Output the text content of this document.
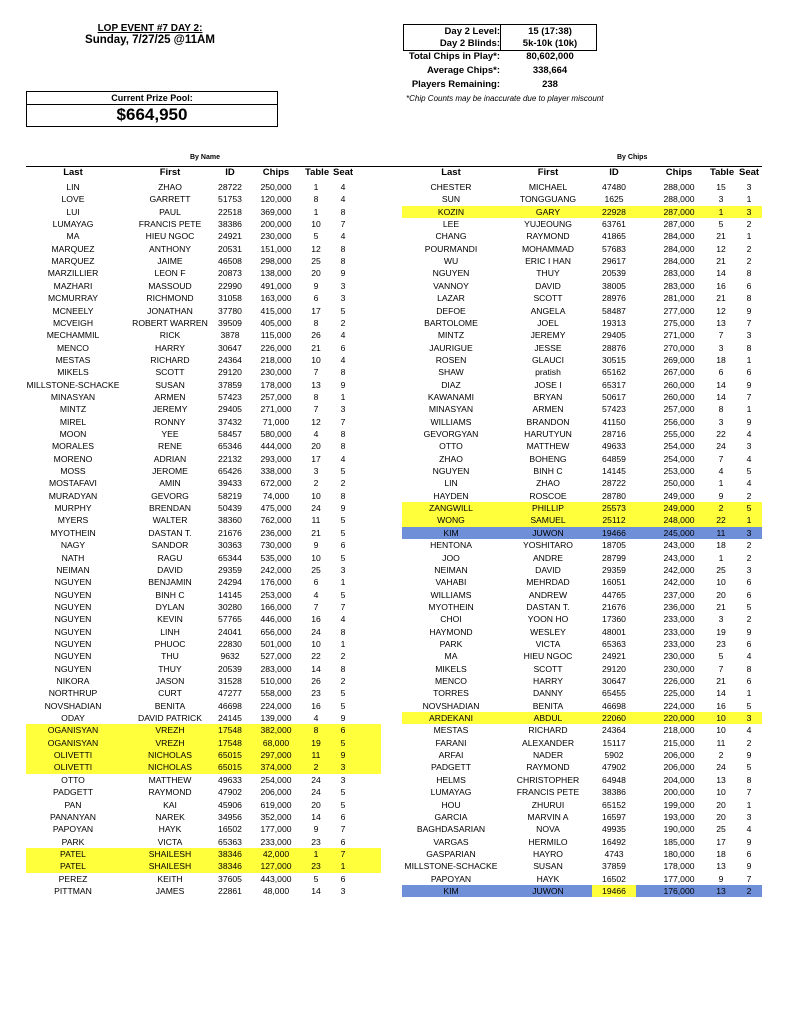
LOP EVENT #7 DAY 2:
Sunday, 7/27/25 @11AM
Current Prize Pool:
$664,950
Day 2 Level:	15 (17:38)
Day 2 Blinds:	5k-10k (10k)
Total Chips in Play*:	80,602,000
Average Chips*:	338,664
Players Remaining:	238
*Chip Counts may be inaccurate due to player miscount
By Name	By Chips
Last	First	ID	Chips	Table Seat	Last	First	ID	Chips	Table Seat
LIN	ZHAO	28722	250,000	1	4
LOVE	GARRETT	51753	120,000	8	4
LUI	PAUL	22518	369,000	1	8
LUMAYAG	FRANCIS PETE	38386	200,000	10	7
MA	HIEU NGOC	24921	230,000	5	4
MARQUEZ	ANTHONY	20531	151,000	12	8
MARQUEZ	JAIME	46508	298,000	25	8
MARZILLIER	LEON F	20873	138,000	20	9
MAZHARI	MASSOUD	22990	491,000	9	3
MCMURRAY	RICHMOND	31058	163,000	6	3
MCNEELY	JONATHAN	37780	415,000	17	5
MCVEIGH	ROBERT WARREN	39509	405,000	8	2
MECHAMMIL	RICK	3878	115,000	26	4
MENCO	HARRY	30647	226,000	21	6
MESTAS	RICHARD	24364	218,000	10	4
MIKELS	SCOTT	29120	230,000	7	8
MILLSTONE-SCHACKE	SUSAN	37859	178,000	13	9
MINASYAN	ARMEN	57423	257,000	8	1
MINTZ	JEREMY	29405	271,000	7	3
MIREL	RONNY	37432	71,000	12	7
MOON	YEE	58457	580,000	4	8
MORALES	RENE	65346	444,000	20	8
MORENO	ADRIAN	22132	293,000	17	4
MOSS	JEROME	65426	338,000	3	5
MOSTAFAVI	AMIN	39433	672,000	2	2
MURADYAN	GEVORG	58219	74,000	10	8
MURPHY	BRENDAN	50439	475,000	24	9
MYERS	WALTER	38360	762,000	11	5
MYOTHEIN	DASTAN T.	21676	236,000	21	5
NAGY	SANDOR	30363	730,000	9	6
NATH	RAGU	65344	535,000	10	5
NEIMAN	DAVID	29359	242,000	25	3
NGUYEN	BENJAMIN	24294	176,000	6	1
NGUYEN	BINH C	14145	253,000	4	5
NGUYEN	DYLAN	30280	166,000	7	7
NGUYEN	KEVIN	57765	446,000	16	4
NGUYEN	LINH	24041	656,000	24	8
NGUYEN	PHUOC	22830	501,000	10	1
NGUYEN	THU	9632	527,000	22	2
NGUYEN	THUY	20539	283,000	14	8
NIKORA	JASON	31528	510,000	26	2
NORTHRUP	CURT	47277	558,000	23	5
NOVSHADIAN	BENITA	46698	224,000	16	5
ODAY	DAVID PATRICK	24145	139,000	4	9
OGANISYAN	VREZH	17548	382,000	8	6
OGANISYAN	VREZH	17548	68,000	19	5
OLIVETTI	NICHOLAS	65015	297,000	11	9
OLIVETTI	NICHOLAS	65015	374,000	2	3
OTTO	MATTHEW	49633	254,000	24	3
PADGETT	RAYMOND	47902	206,000	24	5
PAN	KAI	45906	619,000	20	5
PANANYAN	NAREK	34956	352,000	14	6
PAPOYAN	HAYK	16502	177,000	9	7
PARK	VICTA	65363	233,000	23	6
PATEL	SHAILESH	38346	42,000	1	7
PATEL	SHAILESH	38346	127,000	23	1
PEREZ	KEITH	37605	443,000	5	6
PITTMAN	JAMES	22861	48,000	14	3
CHESTER	MICHAEL	47480	288,000	15	3
SUN	TONGGUANG	1625	288,000	3	1
KOZIN	GARY	22928	287,000	1	3
LEE	YUJEOUNG	63761	287,000	5	2
CHANG	RAYMOND	41865	284,000	21	1
POURMANDI	MOHAMMAD	57683	284,000	12	2
WU	ERIC I HAN	29617	284,000	21	2
NGUYEN	THUY	20539	283,000	14	8
VANNOY	DAVID	38005	283,000	16	6
LAZAR	SCOTT	28976	281,000	21	8
DEFOE	ANGELA	58487	277,000	12	9
BARTOLOME	JOEL	19313	275,000	13	7
MINTZ	JEREMY	29405	271,000	7	3
JAURIGUE	JESSE	28876	270,000	3	8
ROSEN	GLAUCI	30515	269,000	18	1
SHAW	pratish	65162	267,000	6	6
DIAZ	JOSE I	65317	260,000	14	9
KAWANAMI	BRYAN	50617	260,000	14	7
MINASYAN	ARMEN	57423	257,000	8	1
WILLIAMS	BRANDON	41150	256,000	3	9
GEVORGYAN	HARUTYUN	28716	255,000	22	4
OTTO	MATTHEW	49633	254,000	24	3
ZHAO	BOHENG	64859	254,000	7	4
NGUYEN	BINH C	14145	253,000	4	5
LIN	ZHAO	28722	250,000	1	4
HAYDEN	ROSCOE	28780	249,000	9	2
ZANGWILL	PHILLIP	25573	249,000	2	5
WONG	SAMUEL	25112	248,000	22	1
KIM	JUWON	19466	245,000	11	3
HENTONA	YOSHITARO	18705	243,000	18	2
JOO	ANDRE	28799	243,000	1	2
NEIMAN	DAVID	29359	242,000	25	3
VAHABI	MEHRDAD	16051	242,000	10	6
WILLIAMS	ANDREW	44765	237,000	20	6
MYOTHEIN	DASTAN T.	21676	236,000	21	5
CHOI	YOON HO	17360	233,000	3	2
HAYMOND	WESLEY	48001	233,000	19	9
PARK	VICTA	65363	233,000	23	6
MA	HIEU NGOC	24921	230,000	5	4
MIKELS	SCOTT	29120	230,000	7	8
MENCO	HARRY	30647	226,000	21	6
TORRES	DANNY	65455	225,000	14	1
NOVSHADIAN	BENITA	46698	224,000	16	5
ARDEKANI	ABDUL	22060	220,000	10	3
MESTAS	RICHARD	24364	218,000	10	4
FARANI	ALEXANDER	15117	215,000	11	2
ARFAI	NADER	5902	206,000	2	9
PADGETT	RAYMOND	47902	206,000	24	5
HELMS	CHRISTOPHER	64948	204,000	13	8
LUMAYAG	FRANCIS PETE	38386	200,000	10	7
HOU	ZHURUI	65152	199,000	20	1
GARCIA	MARVIN A	16597	193,000	20	3
BAGHDASARIAN	NOVA	49935	190,000	25	4
VARGAS	HERMILO	16492	185,000	17	9
GASPARIAN	HAYRO	4743	180,000	18	6
MILLSTONE-SCHACKE	SUSAN	37859	178,000	13	9
PAPOYAN	HAYK	16502	177,000	9	7
KIM	JUWON	19466	176,000	13	2
